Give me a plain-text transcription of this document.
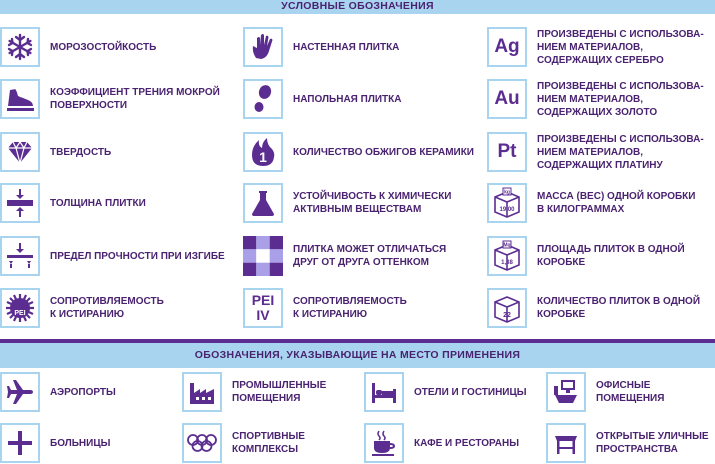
УСЛОВНЫЕ ОБОЗНАЧЕНИЯ
МОРОЗОСТОЙКОСТЬ
КОЭФФИЦИЕНТ ТРЕНИЯ МОКРОЙ
ПОВЕРХНОСТИ
ТВЕРДОСТЬ
ТОЛЩИНА ПЛИТКИ
ПРЕДЕЛ ПРОЧНОСТИ ПРИ ИЗГИБЕ
PEI
СОПРОТИВЛЯЕМОСТЬ
К ИСТИРАНИЮ
НАСТЕННАЯ ПЛИТКА
НАПОЛЬНАЯ ПЛИТКА
1	КОЛИЧЕСТВО ОБЖИГОВ КЕРАМИКИ
УСТОЙЧИВОСТЬ К ХИМИЧЕСКИ
АКТИВНЫМ ВЕЩЕСТВАМ
ПЛИТКА МОЖЕТ ОТЛИЧАТЬСЯ
ДРУГ ОТ ДРУГА ОТТЕНКОМ
PEI
IV
СОПРОТИВЛЯЕМОСТЬ
К ИСТИРАНИЮ
Ag
ПРОИЗВЕДЕНЫ С ИСПОЛЬЗОВА-
НИЕМ МАТЕРИАЛОВ,
СОДЕРЖАЩИХ СЕРЕБРО
Au
ПРОИЗВЕДЕНЫ С ИСПОЛЬЗОВА-
НИЕМ МАТЕРИАЛОВ,
СОДЕРЖАЩИХ ЗОЛОТО
Pt
ПРОИЗВЕДЕНЫ С ИСПОЛЬЗОВА-
НИЕМ МАТЕРИАЛОВ,
СОДЕРЖАЩИХ ПЛАТИНУ
kg
19,00
МАССА (ВЕС) ОДНОЙ КОРОБКИ
В КИЛОГРАММАХ
Mq
1,38
ПЛОЩАДЬ ПЛИТОК В ОДНОЙ
КОРОБКЕ
22
КОЛИЧЕСТВО ПЛИТОК В ОДНОЙ
КОРОБКЕ
ОБОЗНАЧЕНИЯ, УКАЗЫВАЮЩИЕ НА МЕСТО ПРИМЕНЕНИЯ
АЭРОПОРТЫ
ПРОМЫШЛЕННЫЕ
ПОМЕЩЕНИЯ
ОТЕЛИ И ГОСТИНИЦЫ
ОФИСНЫЕ
ПОМЕЩЕНИЯ
БОЛЬНИЦЫ
СПОРТИВНЫЕ
КОМПЛЕКСЫ
КАФЕ И РЕСТОРАНЫ
ОТКРЫТЫЕ УЛИЧНЫЕ
ПРОСТРАНСТВА
